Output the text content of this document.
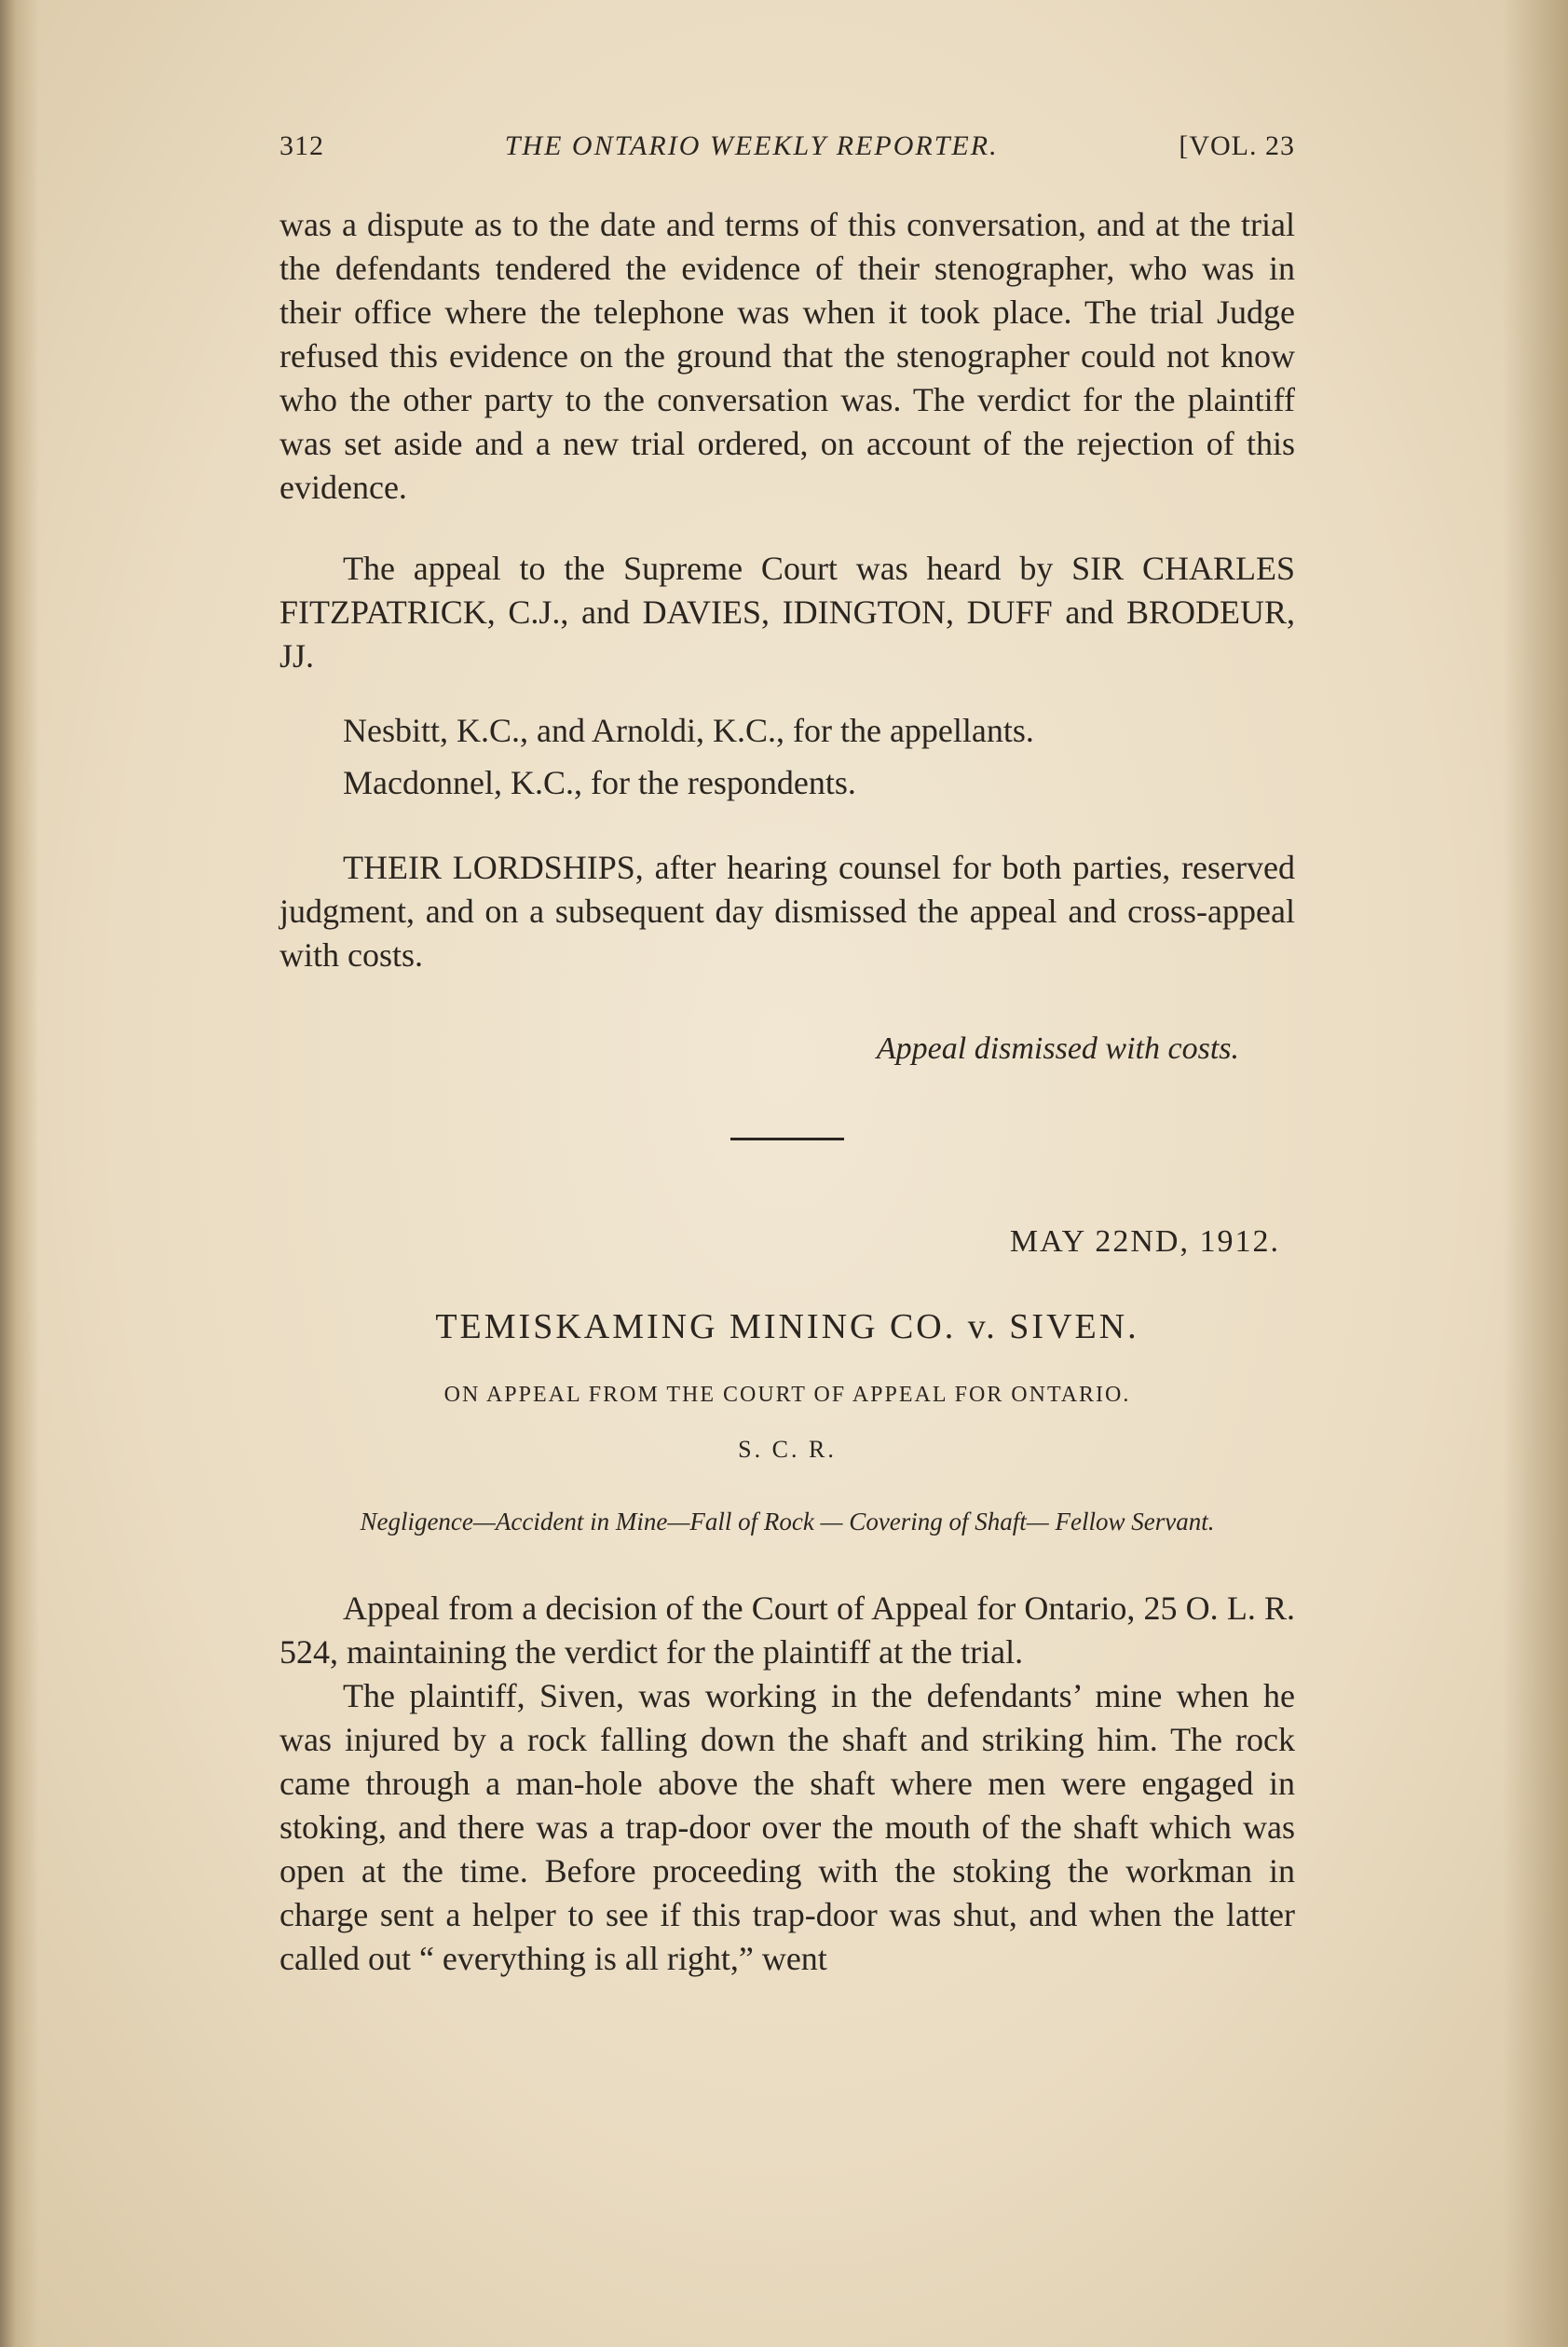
312	THE ONTARIO WEEKLY REPORTER.	[VOL. 23

was a dispute as to the date and terms of this conversation, and at the trial the defendants tendered the evidence of their stenographer, who was in their office where the telephone was when it took place. The trial Judge refused this evidence on the ground that the stenographer could not know who the other party to the conversation was. The verdict for the plaintiff was set aside and a new trial ordered, on account of the rejection of this evidence.

The appeal to the Supreme Court was heard by SIR CHARLES FITZPATRICK, C.J., and DAVIES, IDINGTON, DUFF and BRODEUR, JJ.

Nesbitt, K.C., and Arnoldi, K.C., for the appellants.

Macdonnel, K.C., for the respondents.

THEIR LORDSHIPS, after hearing counsel for both parties, reserved judgment, and on a subsequent day dismissed the appeal and cross-appeal with costs.

Appeal dismissed with costs.
MAY 22ND, 1912.
TEMISKAMING MINING CO. v. SIVEN.
ON APPEAL FROM THE COURT OF APPEAL FOR ONTARIO.
S. C. R.
Negligence—Accident in Mine—Fall of Rock — Covering of Shaft— Fellow Servant.

Appeal from a decision of the Court of Appeal for Ontario, 25 O. L. R. 524, maintaining the verdict for the plaintiff at the trial.

The plaintiff, Siven, was working in the defendants’ mine when he was injured by a rock falling down the shaft and striking him. The rock came through a man-hole above the shaft where men were engaged in stoking, and there was a trap-door over the mouth of the shaft which was open at the time. Before proceeding with the stoking the workman in charge sent a helper to see if this trap-door was shut, and when the latter called out “ everything is all right,” went
